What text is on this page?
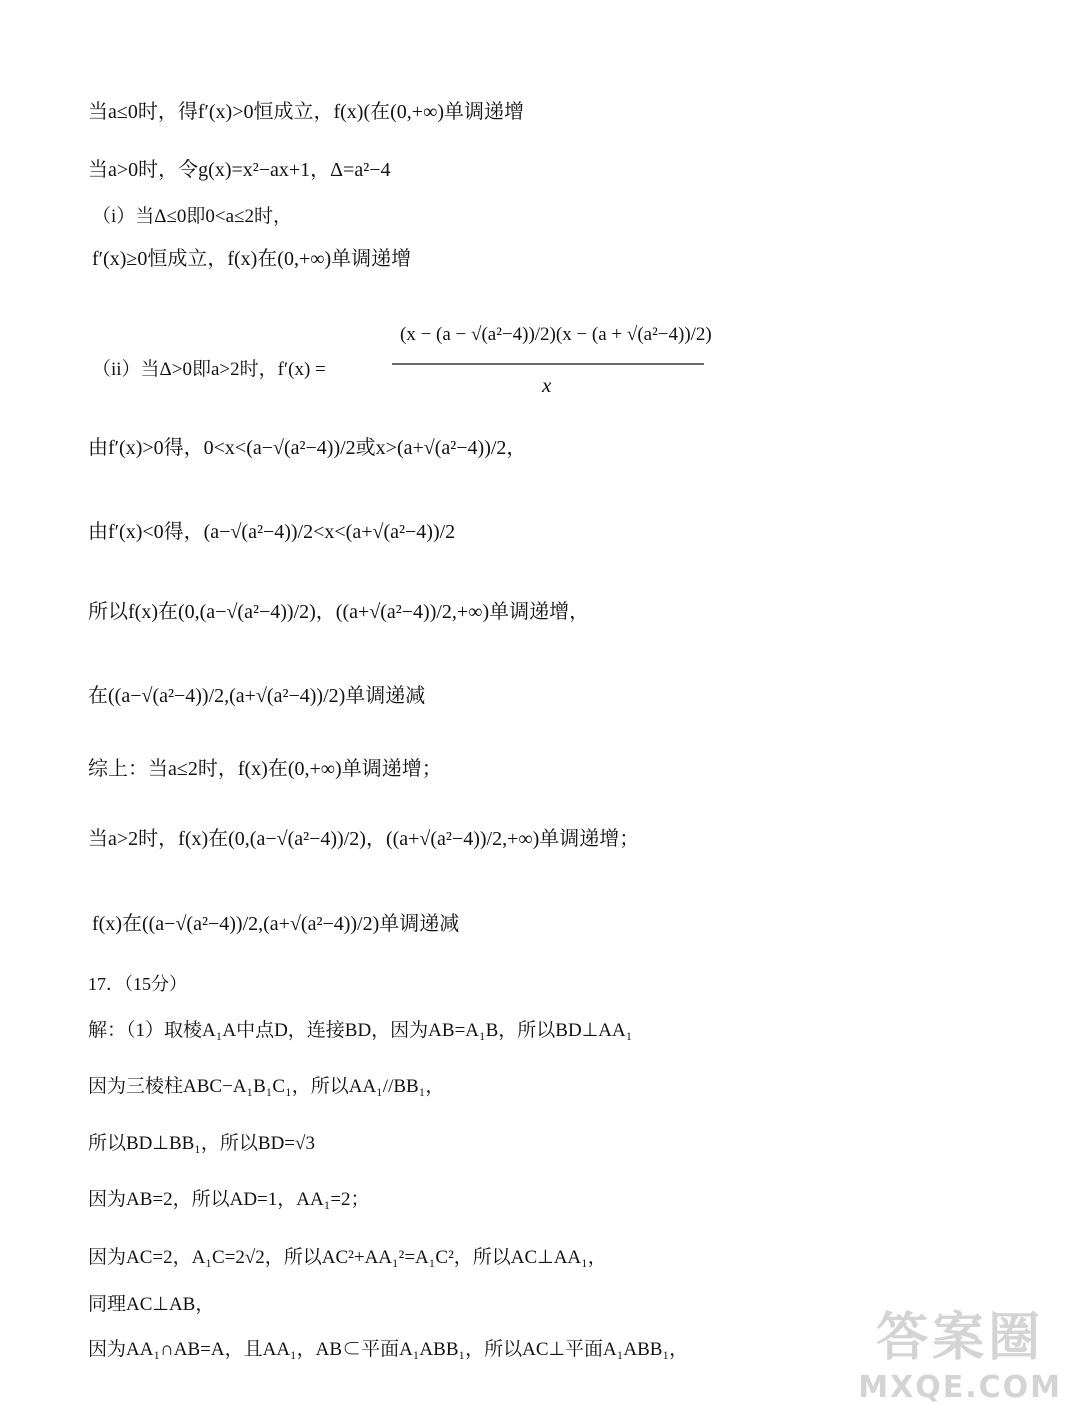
当a≤0时，得f′(x)>0恒成立，f(x)(在(0,+∞)单调递增
当a>0时，令g(x)=x²−ax+1，Δ=a²−4
（i）当Δ≤0即0<a≤2时，
f′(x)≥0恒成立，f(x)在(0,+∞)单调递增
（ii）当Δ>0即a>2时，f′(x) =
(x − (a − √(a²−4))/2)(x − (a + √(a²−4))/2)
x
由f′(x)>0得，0<x<(a−√(a²−4))/2或x>(a+√(a²−4))/2，
由f′(x)<0得，(a−√(a²−4))/2<x<(a+√(a²−4))/2
所以f(x)在(0,(a−√(a²−4))/2)，((a+√(a²−4))/2,+∞)单调递增，
在((a−√(a²−4))/2,(a+√(a²−4))/2)单调递减
综上：当a≤2时，f(x)在(0,+∞)单调递增；
当a>2时，f(x)在(0,(a−√(a²−4))/2)，((a+√(a²−4))/2,+∞)单调递增；
f(x)在((a−√(a²−4))/2,(a+√(a²−4))/2)单调递减
17．（15分）
解：（1）取棱A₁A中点D，连接BD，因为AB=A₁B，所以BD⊥AA₁
因为三棱柱ABC−A₁B₁C₁，所以AA₁//BB₁，
所以BD⊥BB₁，所以BD=√3
因为AB=2，所以AD=1，AA₁=2；
因为AC=2，A₁C=2√2，所以AC²+AA₁²=A₁C²，所以AC⊥AA₁，
同理AC⊥AB，
因为AA₁∩AB=A，且AA₁，AB⊂平面A₁ABB₁，所以AC⊥平面A₁ABB₁，	答案圈
MXQE.COM
